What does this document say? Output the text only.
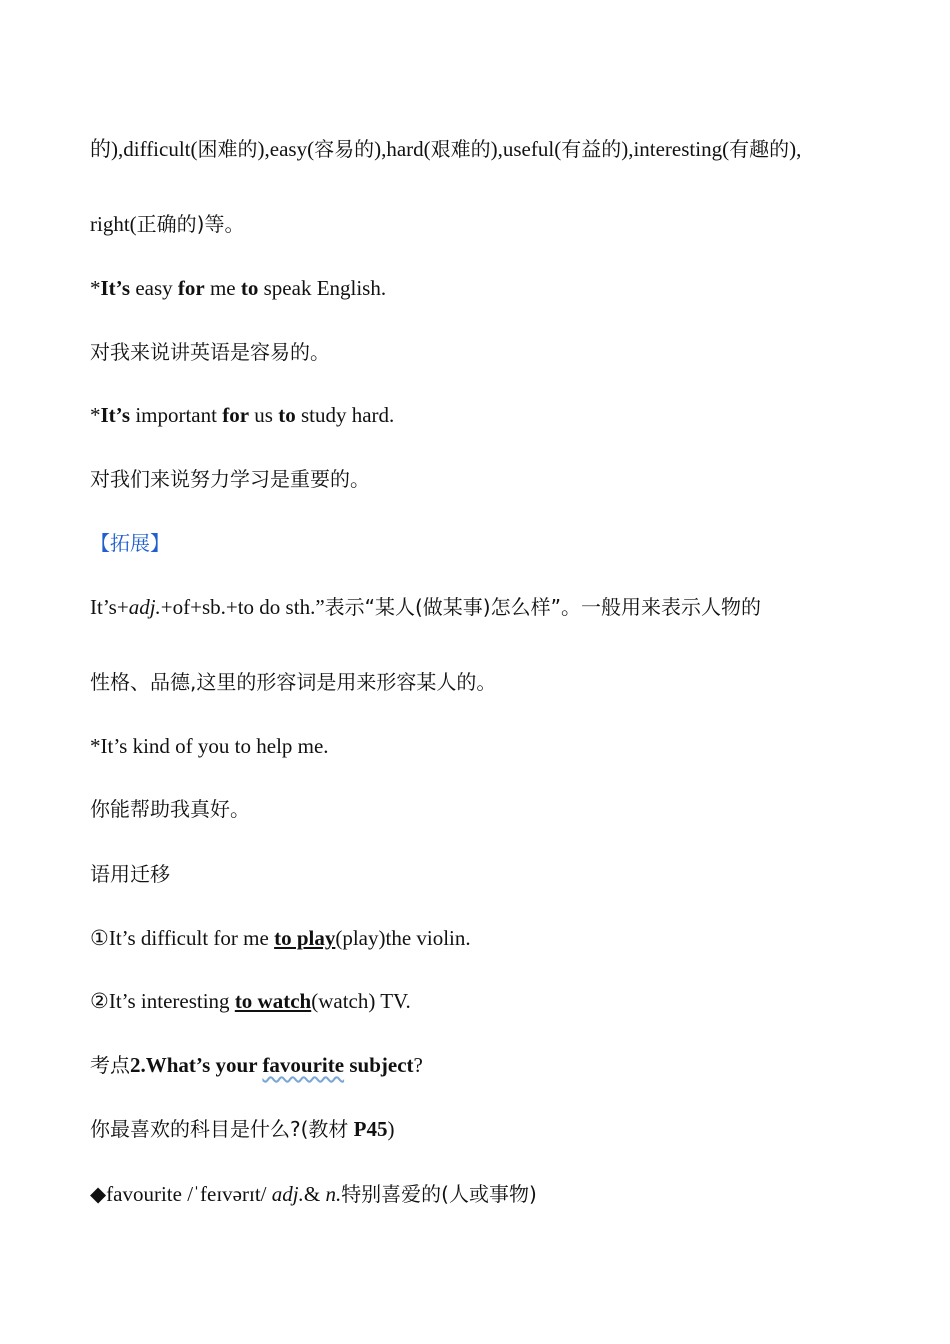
的),difficult(困难的),easy(容易的),hard(艰难的),useful(有益的),interesting(有趣的),
right(正确的)等。
*It’s easy for me to speak English.
对我来说讲英语是容易的。
*It’s important for us to study hard.
对我们来说努力学习是重要的。
【拓展】
It’s+adj.+of+sb.+to do sth.”表示“某人(做某事)怎么样”。一般用来表示人物的
性格、品德,这里的形容词是用来形容某人的。
*It’s kind of you to help me.
你能帮助我真好。
语用迁移
①It’s difficult for me to play(play)the violin.
②It’s interesting to watch(watch) TV.
考点2.What’s your favourite subject?
你最喜欢的科目是什么?(教材 P45)
◆favourite /ˈfeɪvərɪt/ adj.& n.特别喜爱的(人或事物)
